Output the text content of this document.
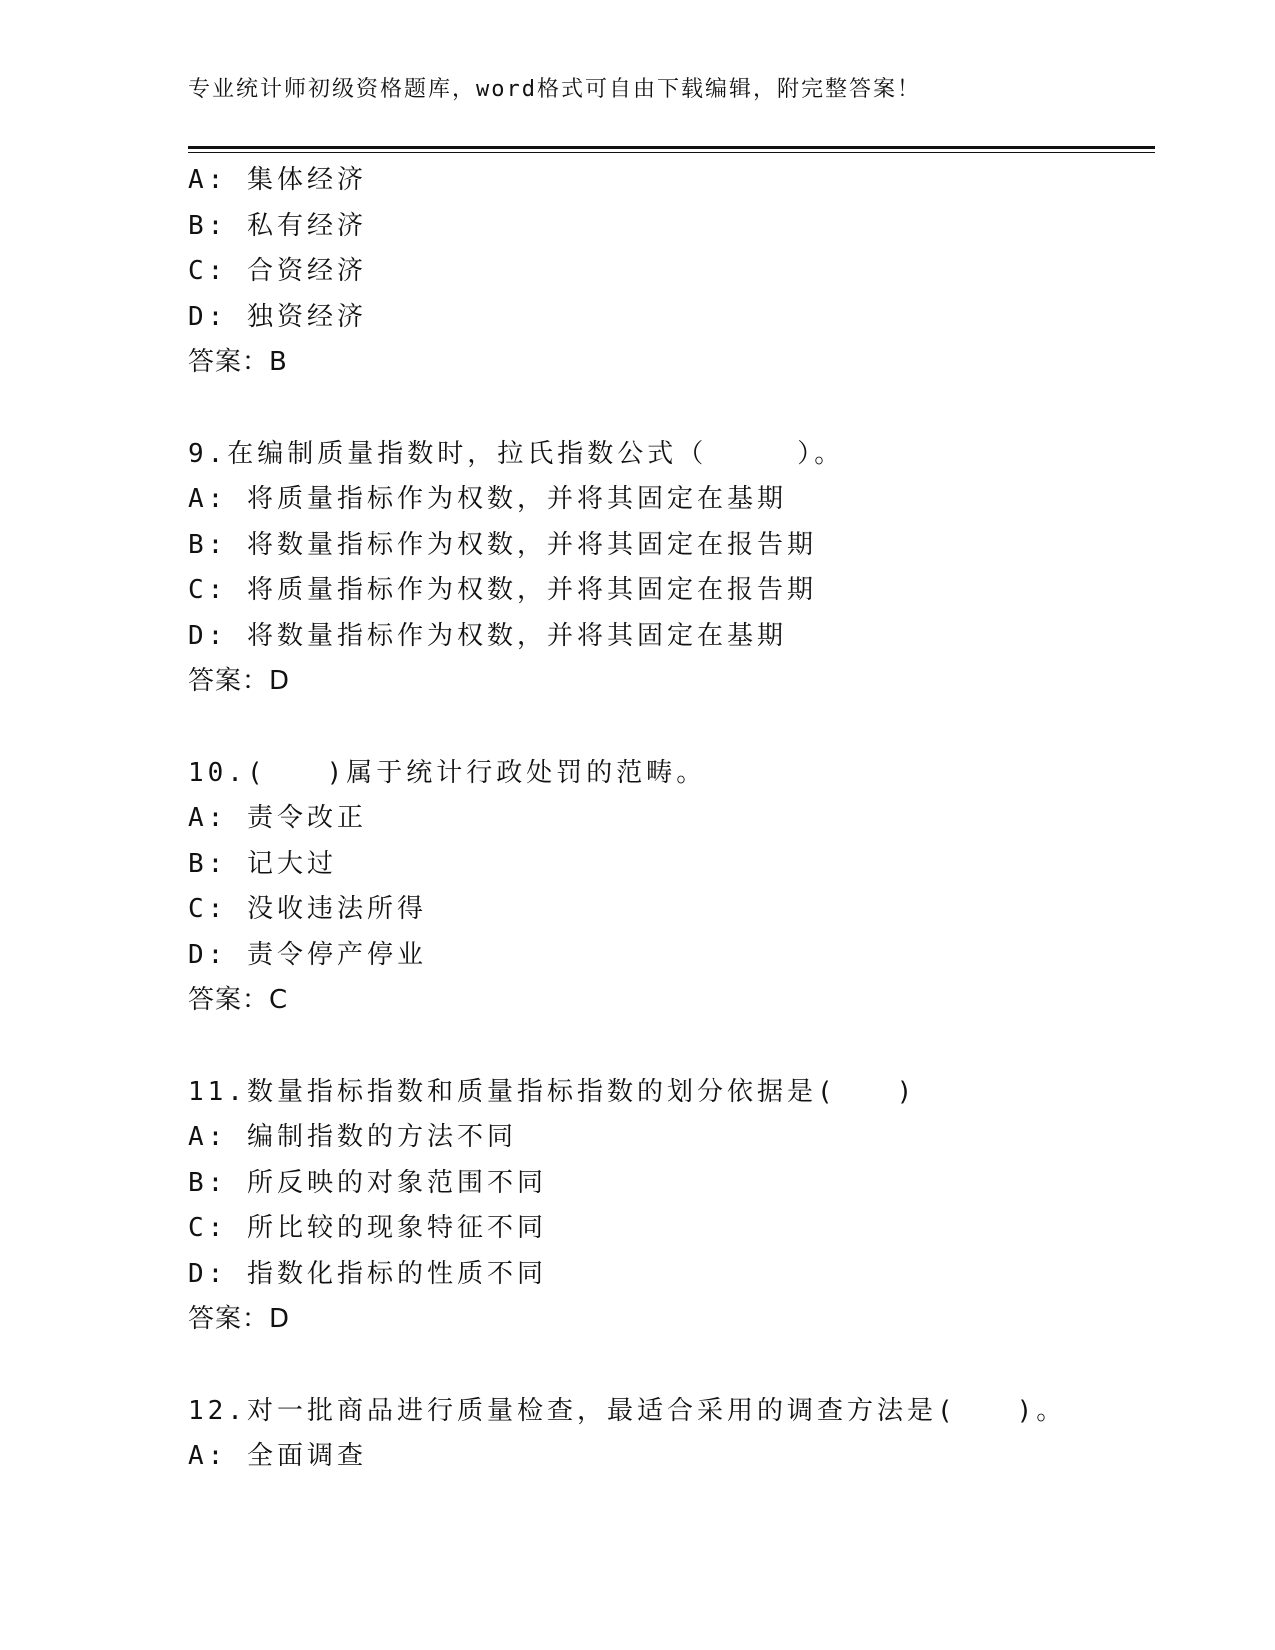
专业统计师初级资格题库，word格式可自由下载编辑，附完整答案！
A: 集体经济
B: 私有经济
C: 合资经济
D: 独资经济
答案：B
9.在编制质量指数时，拉氏指数公式（　　　）。
A: 将质量指标作为权数，并将其固定在基期
B: 将数量指标作为权数，并将其固定在报告期
C: 将质量指标作为权数，并将其固定在报告期
D: 将数量指标作为权数，并将其固定在基期
答案：D
10.(　　)属于统计行政处罚的范畴。
A: 责令改正
B: 记大过
C: 没收违法所得
D: 责令停产停业
答案：C
11.数量指标指数和质量指标指数的划分依据是(　　)
A: 编制指数的方法不同
B: 所反映的对象范围不同
C: 所比较的现象特征不同
D: 指数化指标的性质不同
答案：D
12.对一批商品进行质量检查，最适合采用的调查方法是(　　)。
A: 全面调查
